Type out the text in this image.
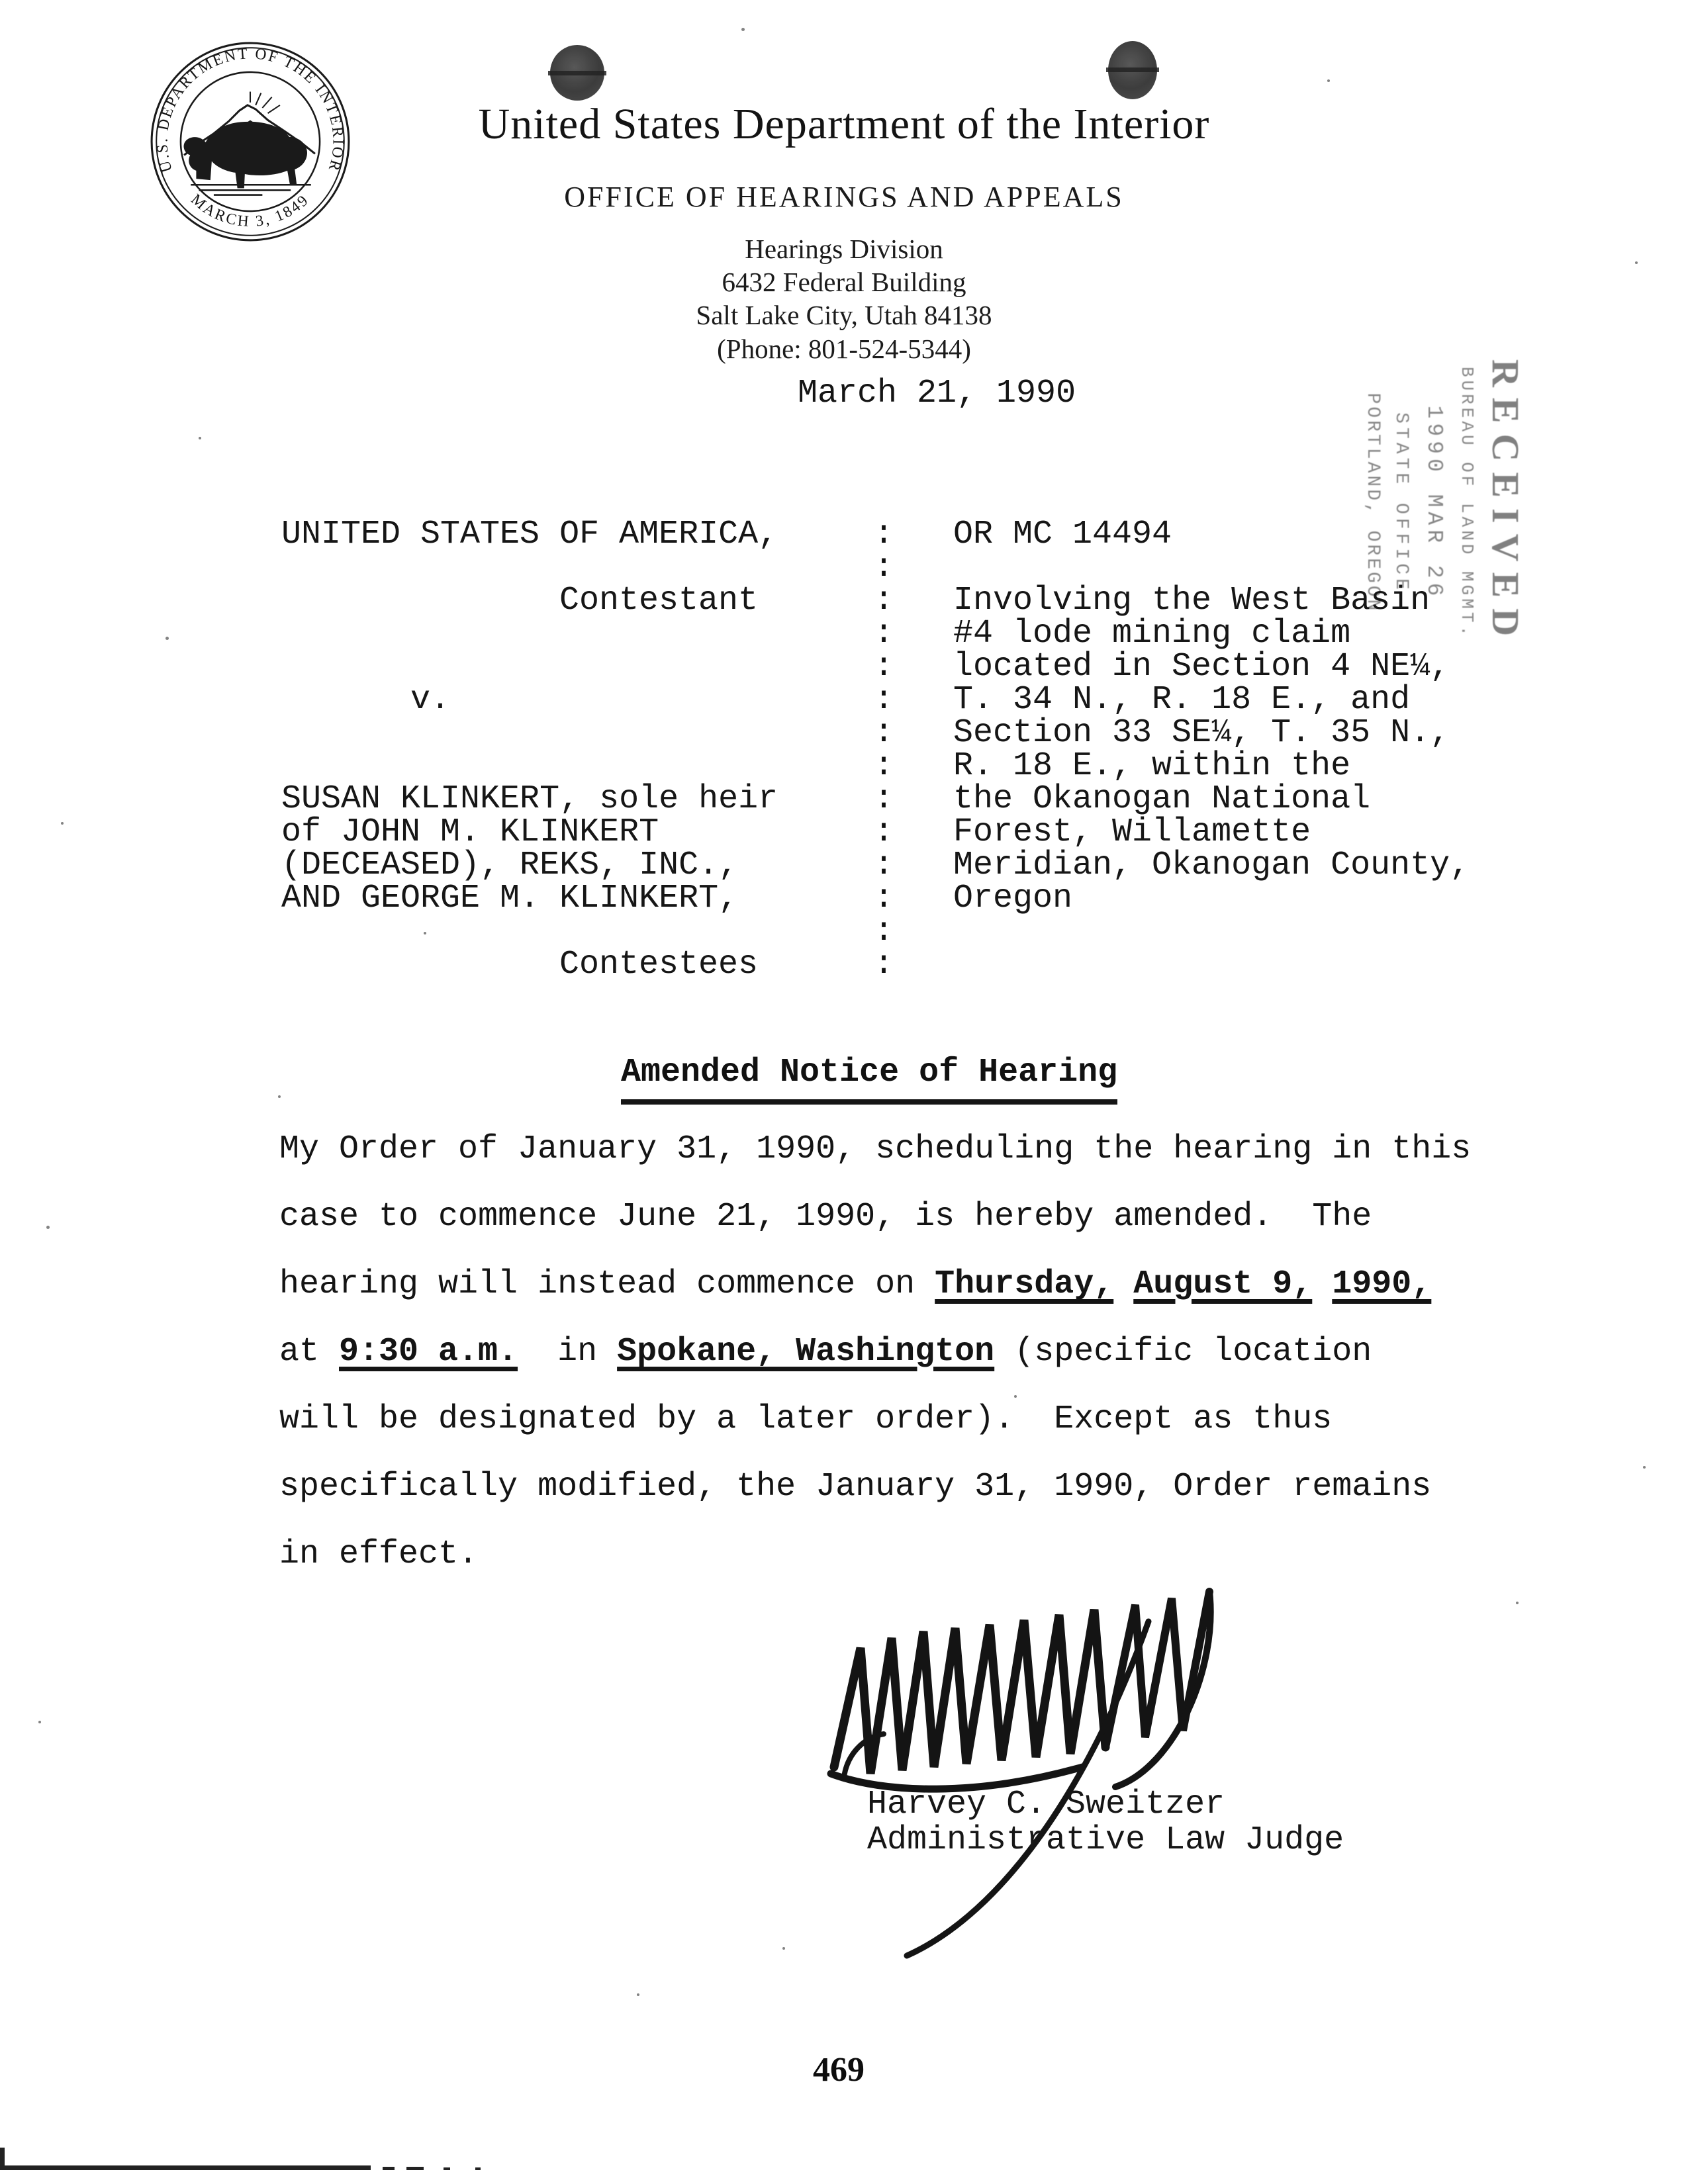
U.S. DEPARTMENT OF THE INTERIOR
MARCH 3, 1849
United States Department of the Interior
OFFICE OF HEARINGS AND APPEALS
Hearings Division
6432 Federal Building
Salt Lake City, Utah 84138
(Phone: 801-524-5344)
March 21, 1990	RECEIVED
BUREAU OF LAND MGMT.
1990 MAR 26
STATE OFFICE
PORTLAND, OREGON
UNITED STATES OF AMERICA,	:	OR MC 14494
:
Contestant	:	Involving the West Basin
:	#4 lode mining claim
:	located in Section 4 NE¼,
v.	:	T. 34 N., R. 18 E., and
:	Section 33 SE¼, T. 35 N.,
:	R. 18 E., within the
SUSAN KLINKERT, sole heir	:	the Okanogan National
of JOHN M. KLINKERT	:	Forest, Willamette
(DECEASED), REKS, INC.,	:	Meridian, Okanogan County,
AND GEORGE M. KLINKERT,	:	Oregon
:
Contestees	:
Amended Notice of Hearing
My Order of January 31, 1990, scheduling the hearing in this
case to commence June 21, 1990, is hereby amended.  The
hearing will instead commence on Thursday, August 9, 1990,
at 9:30 a.m.  in Spokane, Washington (specific location
will be designated by a later order).  Except as thus
specifically modified, the January 31, 1990, Order remains
in effect.
Harvey C. Sweitzer
Administrative Law Judge
469
